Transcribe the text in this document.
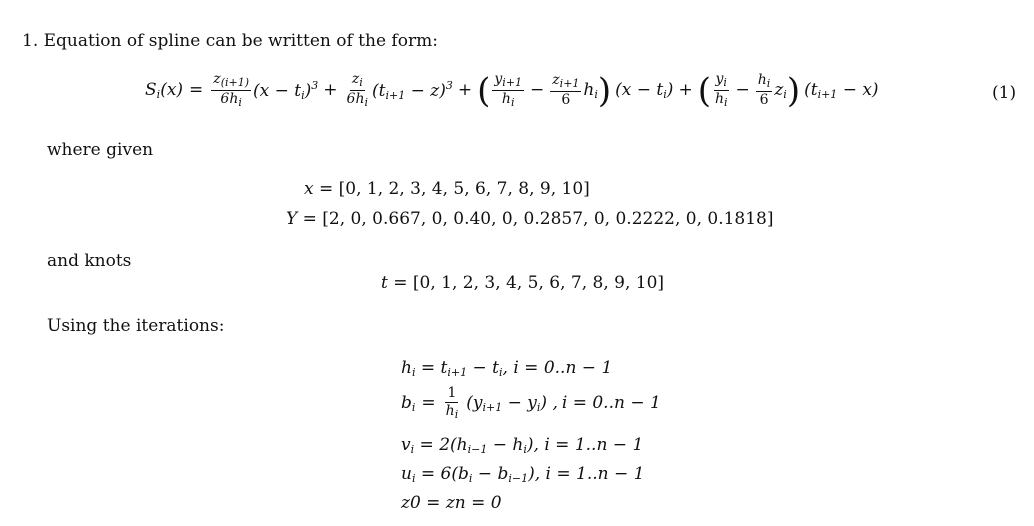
1. Equation of spline can be written of the form:
$S_i(x) = \frac{z_{(i+1)}}{6h_i} (x - t_i)^3 + \frac{z_i}{6h_i} (t_{i+1} - z)^3$ + ( $\frac{y_{i+1}}{h_i} - \frac{z_{i+1}}{6} h_i$ ) $(x - t_i)$ + ( $\frac{y_i}{h_i} - \frac{h_i}{6} z_i$ ) $(t_{i+1} - x)$	(1)
where given
x = [0, 1, 2, 3, 4, 5, 6, 7, 8, 9, 10]
Y = [2, 0, 0.667, 0, 0.40, 0, 0.2857, 0, 0.2222, 0, 0.1818]
and knots
t = [0, 1, 2, 3, 4, 5, 6, 7, 8, 9, 10]
Using the iterations:
$h_i = t_{i+1} - t_i$, i = 0..n − 1
$b_i = \frac{1}{h_i} (y_{i+1} - y_i)$ , i = 0..n − 1
$v_i = 2(h_{i-1} - h_i)$, i = 1..n − 1
$u_i = 6(b_i - b_{i-1})$, i = 1..n − 1
z0 = zn = 0
